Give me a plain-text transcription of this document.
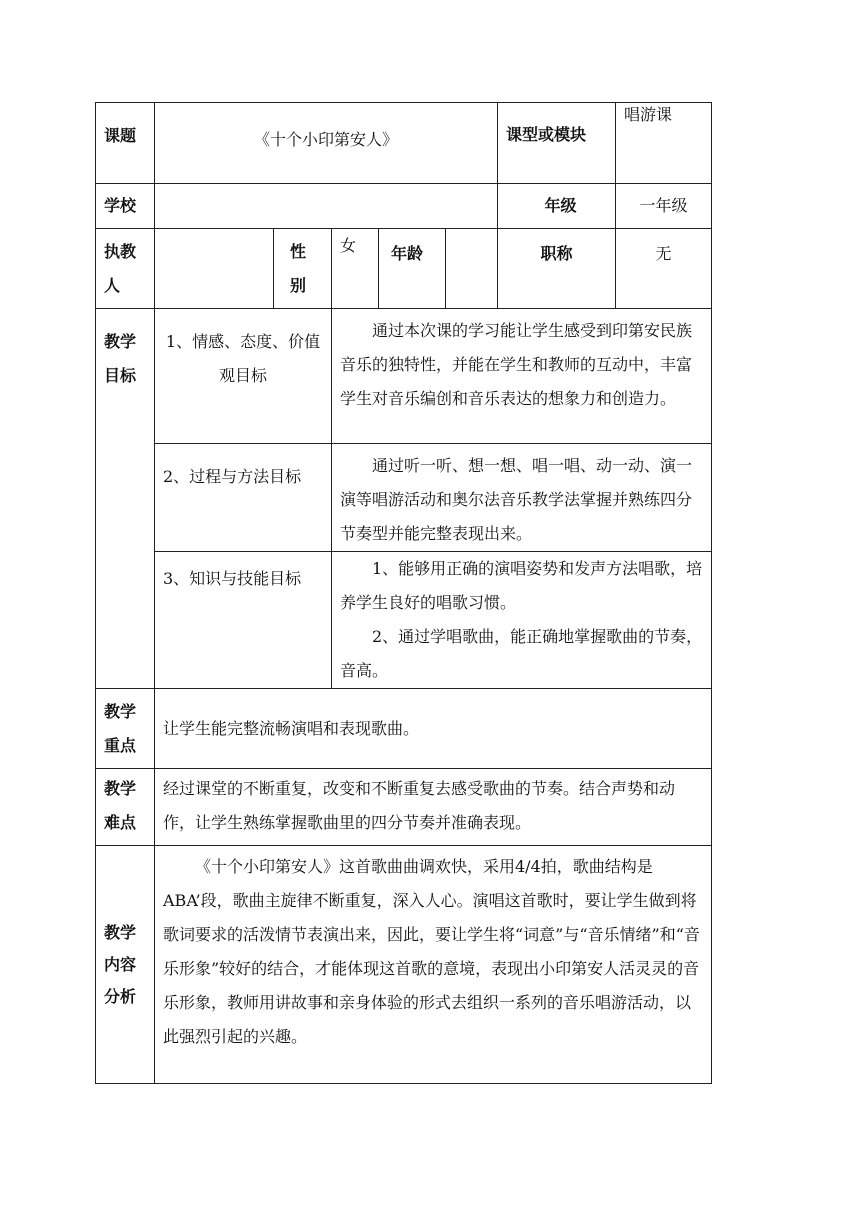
课题	《十个小印第安人》					课型或模块	唱游课
学校						年级	一年级
执教人		性别	女	年龄		职称	无
教学目标	1、情感、态度、价值观目标		通过本次课的学习能让学生感受到印第安民族音乐的独特性，并能在学生和教师的互动中，丰富学生对音乐编创和音乐表达的想象力和创造力。				

	2、过程与方法目标		通过听一听、想一想、唱一唱、动一动、演一演等唱游活动和奥尔法音乐教学法掌握并熟练四分节奏型并能完整表现出来。				

	3、知识与技能目标		1、能够用正确的演唱姿势和发声方法唱歌，培养学生良好的唱歌习惯。
2、通过学唱歌曲，能正确地掌握歌曲的节奏，音高。				

教学重点	让学生能完整流畅演唱和表现歌曲。						
教学难点	经过课堂的不断重复，改变和不断重复去感受歌曲的节奏。结合声势和动作，让学生熟练掌握歌曲里的四分节奏并准确表现。						
教学内容分析	《十个小印第安人》这首歌曲曲调欢快，采用4/4拍，歌曲结构是ABA’段，歌曲主旋律不断重复，深入人心。演唱这首歌时，要让学生做到将歌词要求的活泼情节表演出来，因此，要让学生将“词意”与“音乐情绪”和“音乐形象”较好的结合，才能体现这首歌的意境，表现出小印第安人活灵灵的音乐形象，教师用讲故事和亲身体验的形式去组织一系列的音乐唱游活动，以此强烈引起的兴趣。						
